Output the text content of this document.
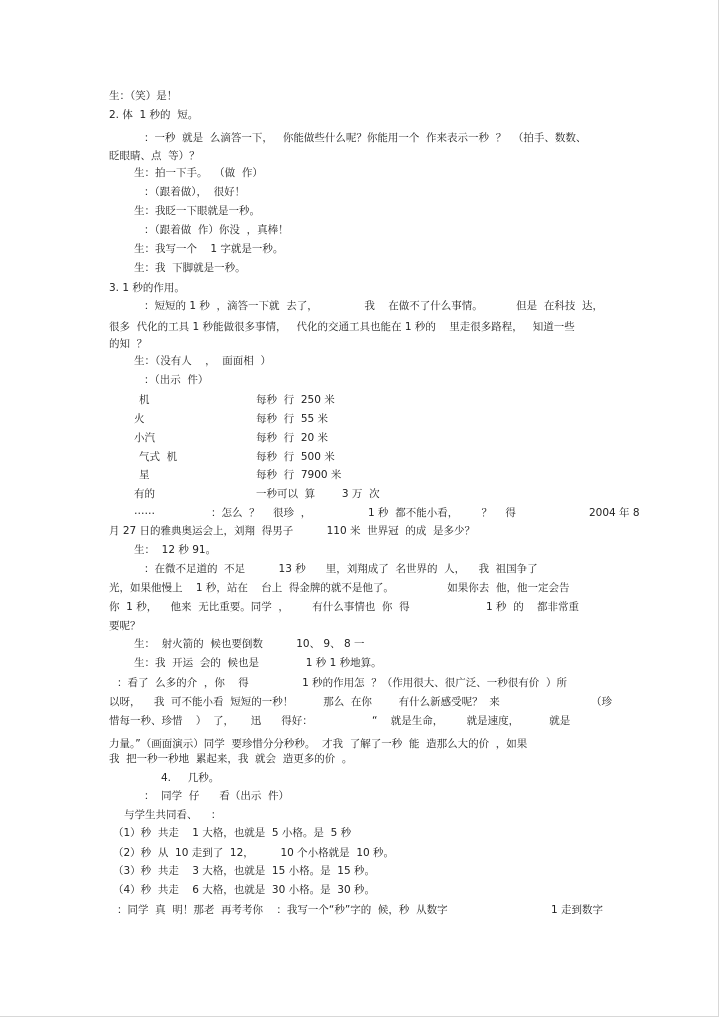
生：（笑）是！
2. 体  1 秒的  短。
：一秒  就是  么滴答一下，   你能做些什么呢？你能用一个  作来表示一秒  ？  （拍手、数数、
眨眼睛、点  等）？
生：拍一下手。  （做  作）
：（跟着做），  很好！
生：我眨一下眼就是一秒。
：（跟着做  作）你没  ，真棒！
生：我写一个    1 字就是一秒。
生：我  下脚就是一秒。
3. 1 秒的作用。
：短短的 1 秒  ，滴答一下就  去了，              我    在做不了什么事情。          但是  在科技  达，
很多  代化的工具 1 秒能做很多事情，   代化的交通工具也能在 1 秒的    里走很多路程，   知道一些
的知  ？
生：（没有人    ，  面面相  ）
：（出示  件）
机	每秒  行  250 米
火	每秒  行  55 米
小汽	每秒  行  20 米
气式  机	每秒  行  500 米
星	每秒  行  7900 米
有的	一秒可以  算        3 万  次
……	：怎么  ？    很珍  ，	1 秒  都不能小看，       ？    得	2004 年 8
月 27 日的雅典奥运会上，刘翔  得男子          110 米  世界冠  的成  是多少？
生：  12 秒 91。
：在微不足道的  不足          13 秒      里，刘翔成了  名世界的  人，    我  祖国争了
光，如果他慢上    1 秒，站在    台上  得金牌的就不是他了。                如果你去  他，他一定会告
你  1 秒，    他来  无比重要。同学  ，       有什么事情也  你  得	1 秒  的    都非常重
要呢？
生：  射火箭的  候也要倒数          10、 9、 8 一
生：我  开运  会的  候也是              1 秒 1 秒地算。
：看了  么多的介  ，你    得                1 秒的作用怎  ？（作用很大、很广泛、一秒很有价  ）所
以呀，    我  可不能小看  短短的一秒！         那么  在你        有什么新感受呢？  来	（珍
惜每一秒、珍惜    ）  了，     迅      得好：	“    就是生命，       就是速度，         就是
力量。”（画面演示）同学  要珍惜分分秒秒。  才我  了解了一秒  能  造那么大的价  ，如果
我  把一秒一秒地  累起来，我  就会  造更多的价  。
4.     几秒。
：  同学  仔      看（出示  件）
与学生共同看、    ：
（1）秒  共走    1 大格，也就是  5 小格。是  5 秒
（2）秒  从  10 走到了  12，        10 个小格就是  10 秒。
（3）秒  共走    3 大格，也就是  15 小格。是  15 秒。
（4）秒  共走    6 大格，也就是  30 小格。是  30 秒。
：同学  真  明！那老  再考考你    ：我写一个“秒”字的  候，秒  从数字	1 走到数字
